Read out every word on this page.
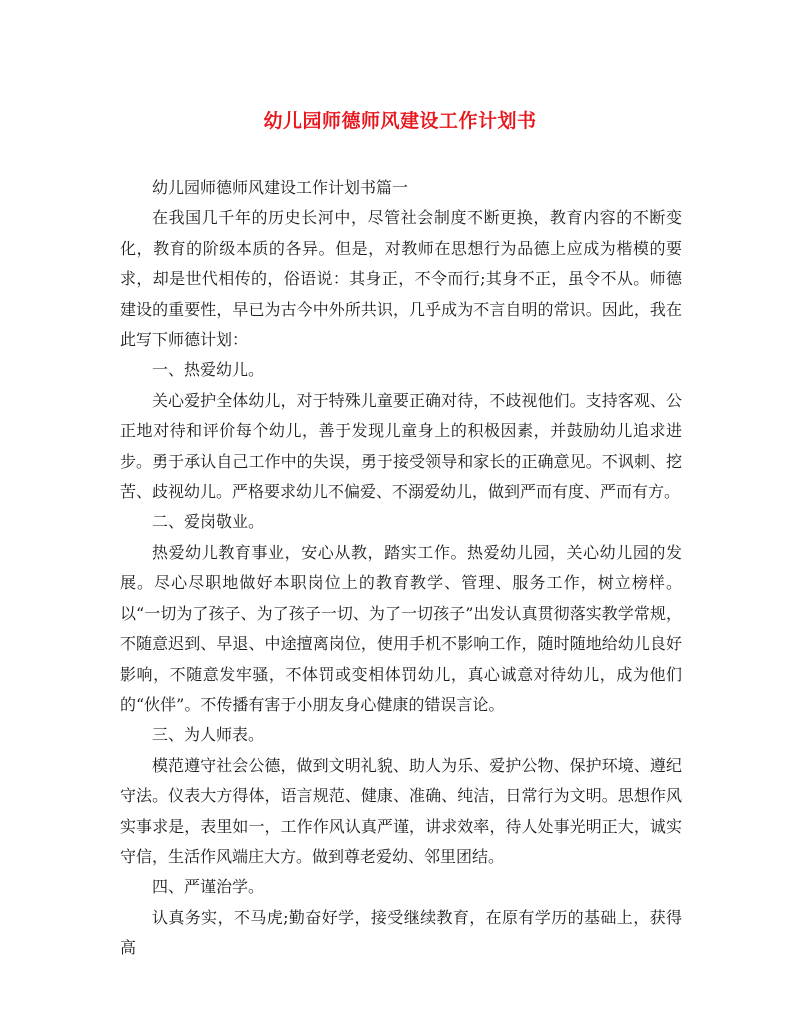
幼儿园师德师风建设工作计划书

幼儿园师德师风建设工作计划书篇一

在我国几千年的历史长河中，尽管社会制度不断更换，教育内容的不断变化，教育的阶级本质的各异。但是，对教师在思想行为品德上应成为楷模的要求，却是世代相传的，俗语说：其身正，不令而行;其身不正，虽令不从。师德建设的重要性，早已为古今中外所共识，几乎成为不言自明的常识。因此，我在此写下师德计划：

一、热爱幼儿。

关心爱护全体幼儿，对于特殊儿童要正确对待，不歧视他们。支持客观、公正地对待和评价每个幼儿，善于发现儿童身上的积极因素，并鼓励幼儿追求进步。勇于承认自己工作中的失误，勇于接受领导和家长的正确意见。不讽刺、挖苦、歧视幼儿。严格要求幼儿不偏爱、不溺爱幼儿，做到严而有度、严而有方。

二、爱岗敬业。

热爱幼儿教育事业，安心从教，踏实工作。热爱幼儿园，关心幼儿园的发展。尽心尽职地做好本职岗位上的教育教学、管理、服务工作，树立榜样。以“一切为了孩子、为了孩子一切、为了一切孩子”出发认真贯彻落实教学常规，不随意迟到、早退、中途擅离岗位，使用手机不影响工作，随时随地给幼儿良好影响，不随意发牢骚，不体罚或变相体罚幼儿，真心诚意对待幼儿，成为他们的“伙伴”。不传播有害于小朋友身心健康的错误言论。

三、为人师表。

模范遵守社会公德，做到文明礼貌、助人为乐、爱护公物、保护环境、遵纪守法。仪表大方得体，语言规范、健康、准确、纯洁，日常行为文明。思想作风实事求是，表里如一，工作作风认真严谨，讲求效率，待人处事光明正大，诚实守信，生活作风端庄大方。做到尊老爱幼、邻里团结。

四、严谨治学。

认真务实，不马虎;勤奋好学，接受继续教育，在原有学历的基础上，获得高
